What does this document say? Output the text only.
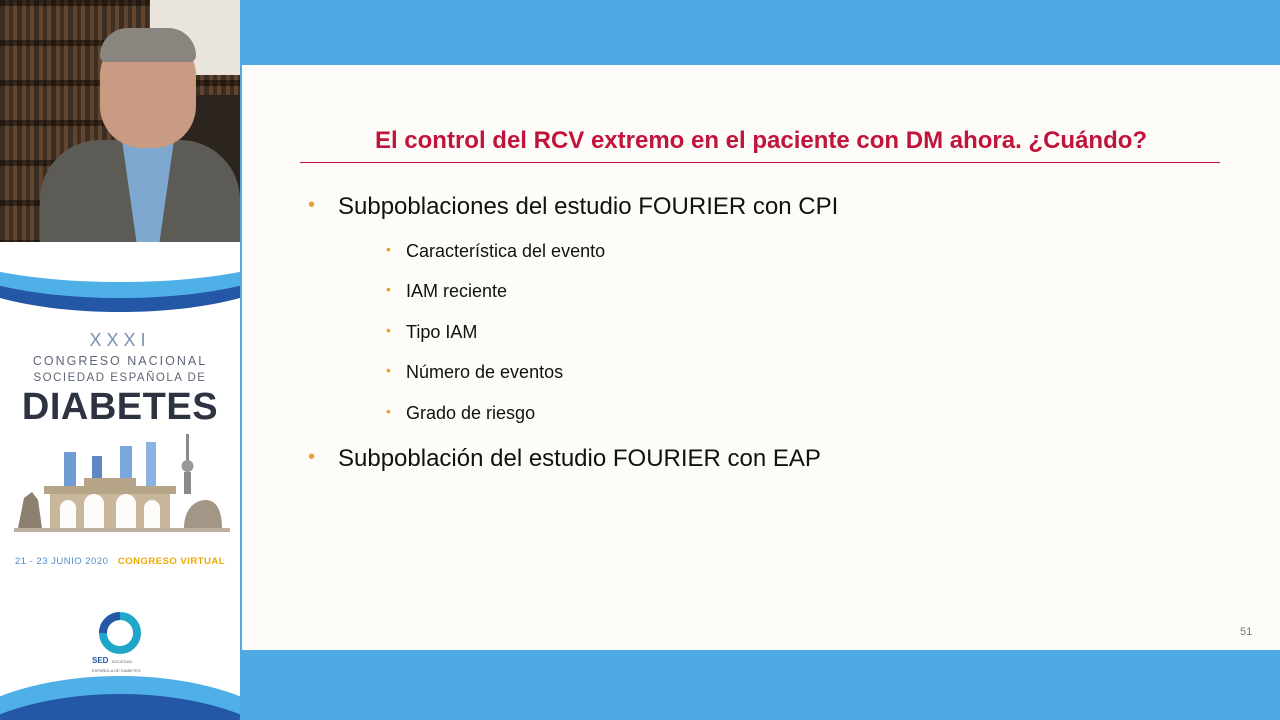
XXXI
CONGRESO NACIONAL
SOCIEDAD ESPAÑOLA DE
DIABETES
21 - 23 JUNIO 2020 CONGRESO VIRTUAL
SED SOCIEDAD ESPAÑOLA DE DIABETES
El control del RCV extremo en el paciente con DM ahora. ¿Cuándo?
• Subpoblaciones del estudio FOURIER con CPI
• Característica del evento
• IAM reciente
• Tipo IAM
• Número de eventos
• Grado de riesgo
• Subpoblación del estudio FOURIER con EAP
51
